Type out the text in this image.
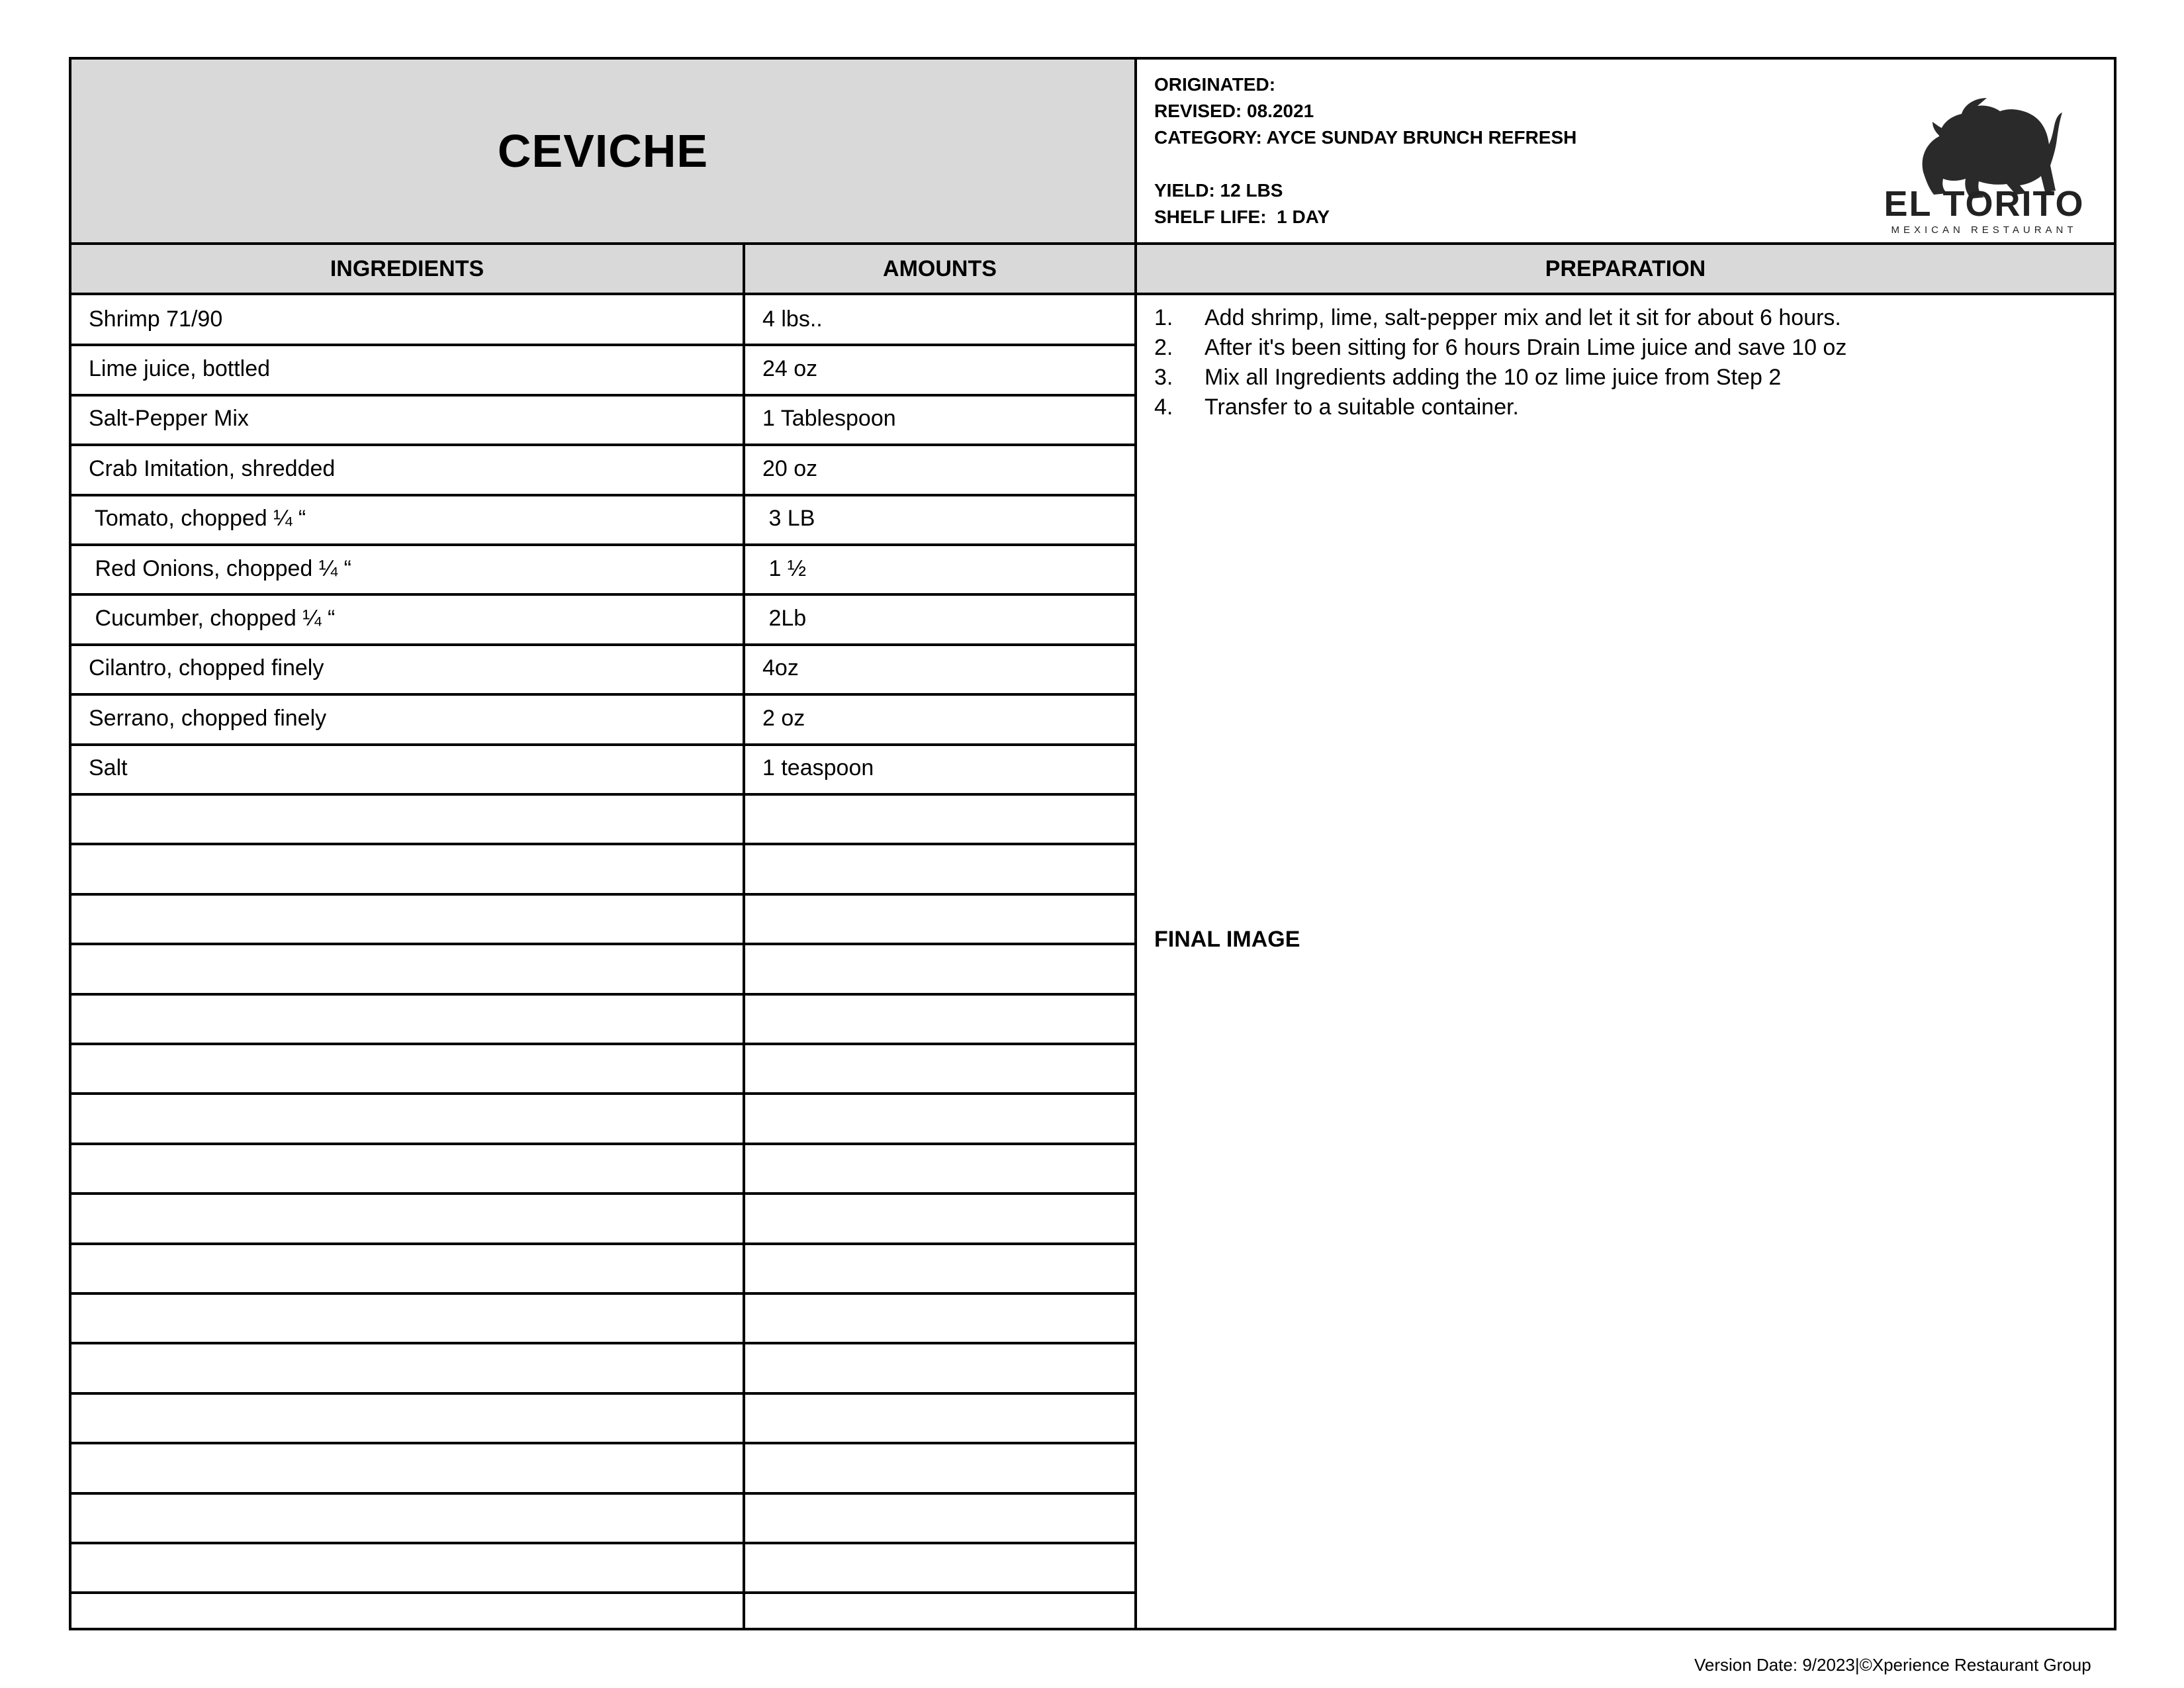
CEVICHE
ORIGINATED:
REVISED: 08.2021
CATEGORY: AYCE SUNDAY BRUNCH REFRESH
YIELD: 12 LBS
SHELF LIFE:  1 DAY	EL TORITO
MEXICAN RESTAURANT
INGREDIENTS	AMOUNTS	PREPARATION
Shrimp 71/90	4 lbs..
Lime juice, bottled	24 oz
Salt-Pepper Mix	1 Tablespoon
Crab Imitation, shredded	20 oz
Tomato, chopped ¼ “	3 LB
Red Onions, chopped ¼ “	1 ½
Cucumber, chopped ¼ “	2Lb
Cilantro, chopped finely	4oz
Serrano, chopped finely	2 oz
Salt	1 teaspoon
1.	Add shrimp, lime, salt-pepper mix and let it sit for about 6 hours.
2.	After it's been sitting for 6 hours Drain Lime juice and save 10 oz
3.	Mix all Ingredients adding the 10 oz lime juice from Step 2
4.	Transfer to a suitable container.
FINAL IMAGE
Version Date: 9/2023|©Xperience Restaurant Group
